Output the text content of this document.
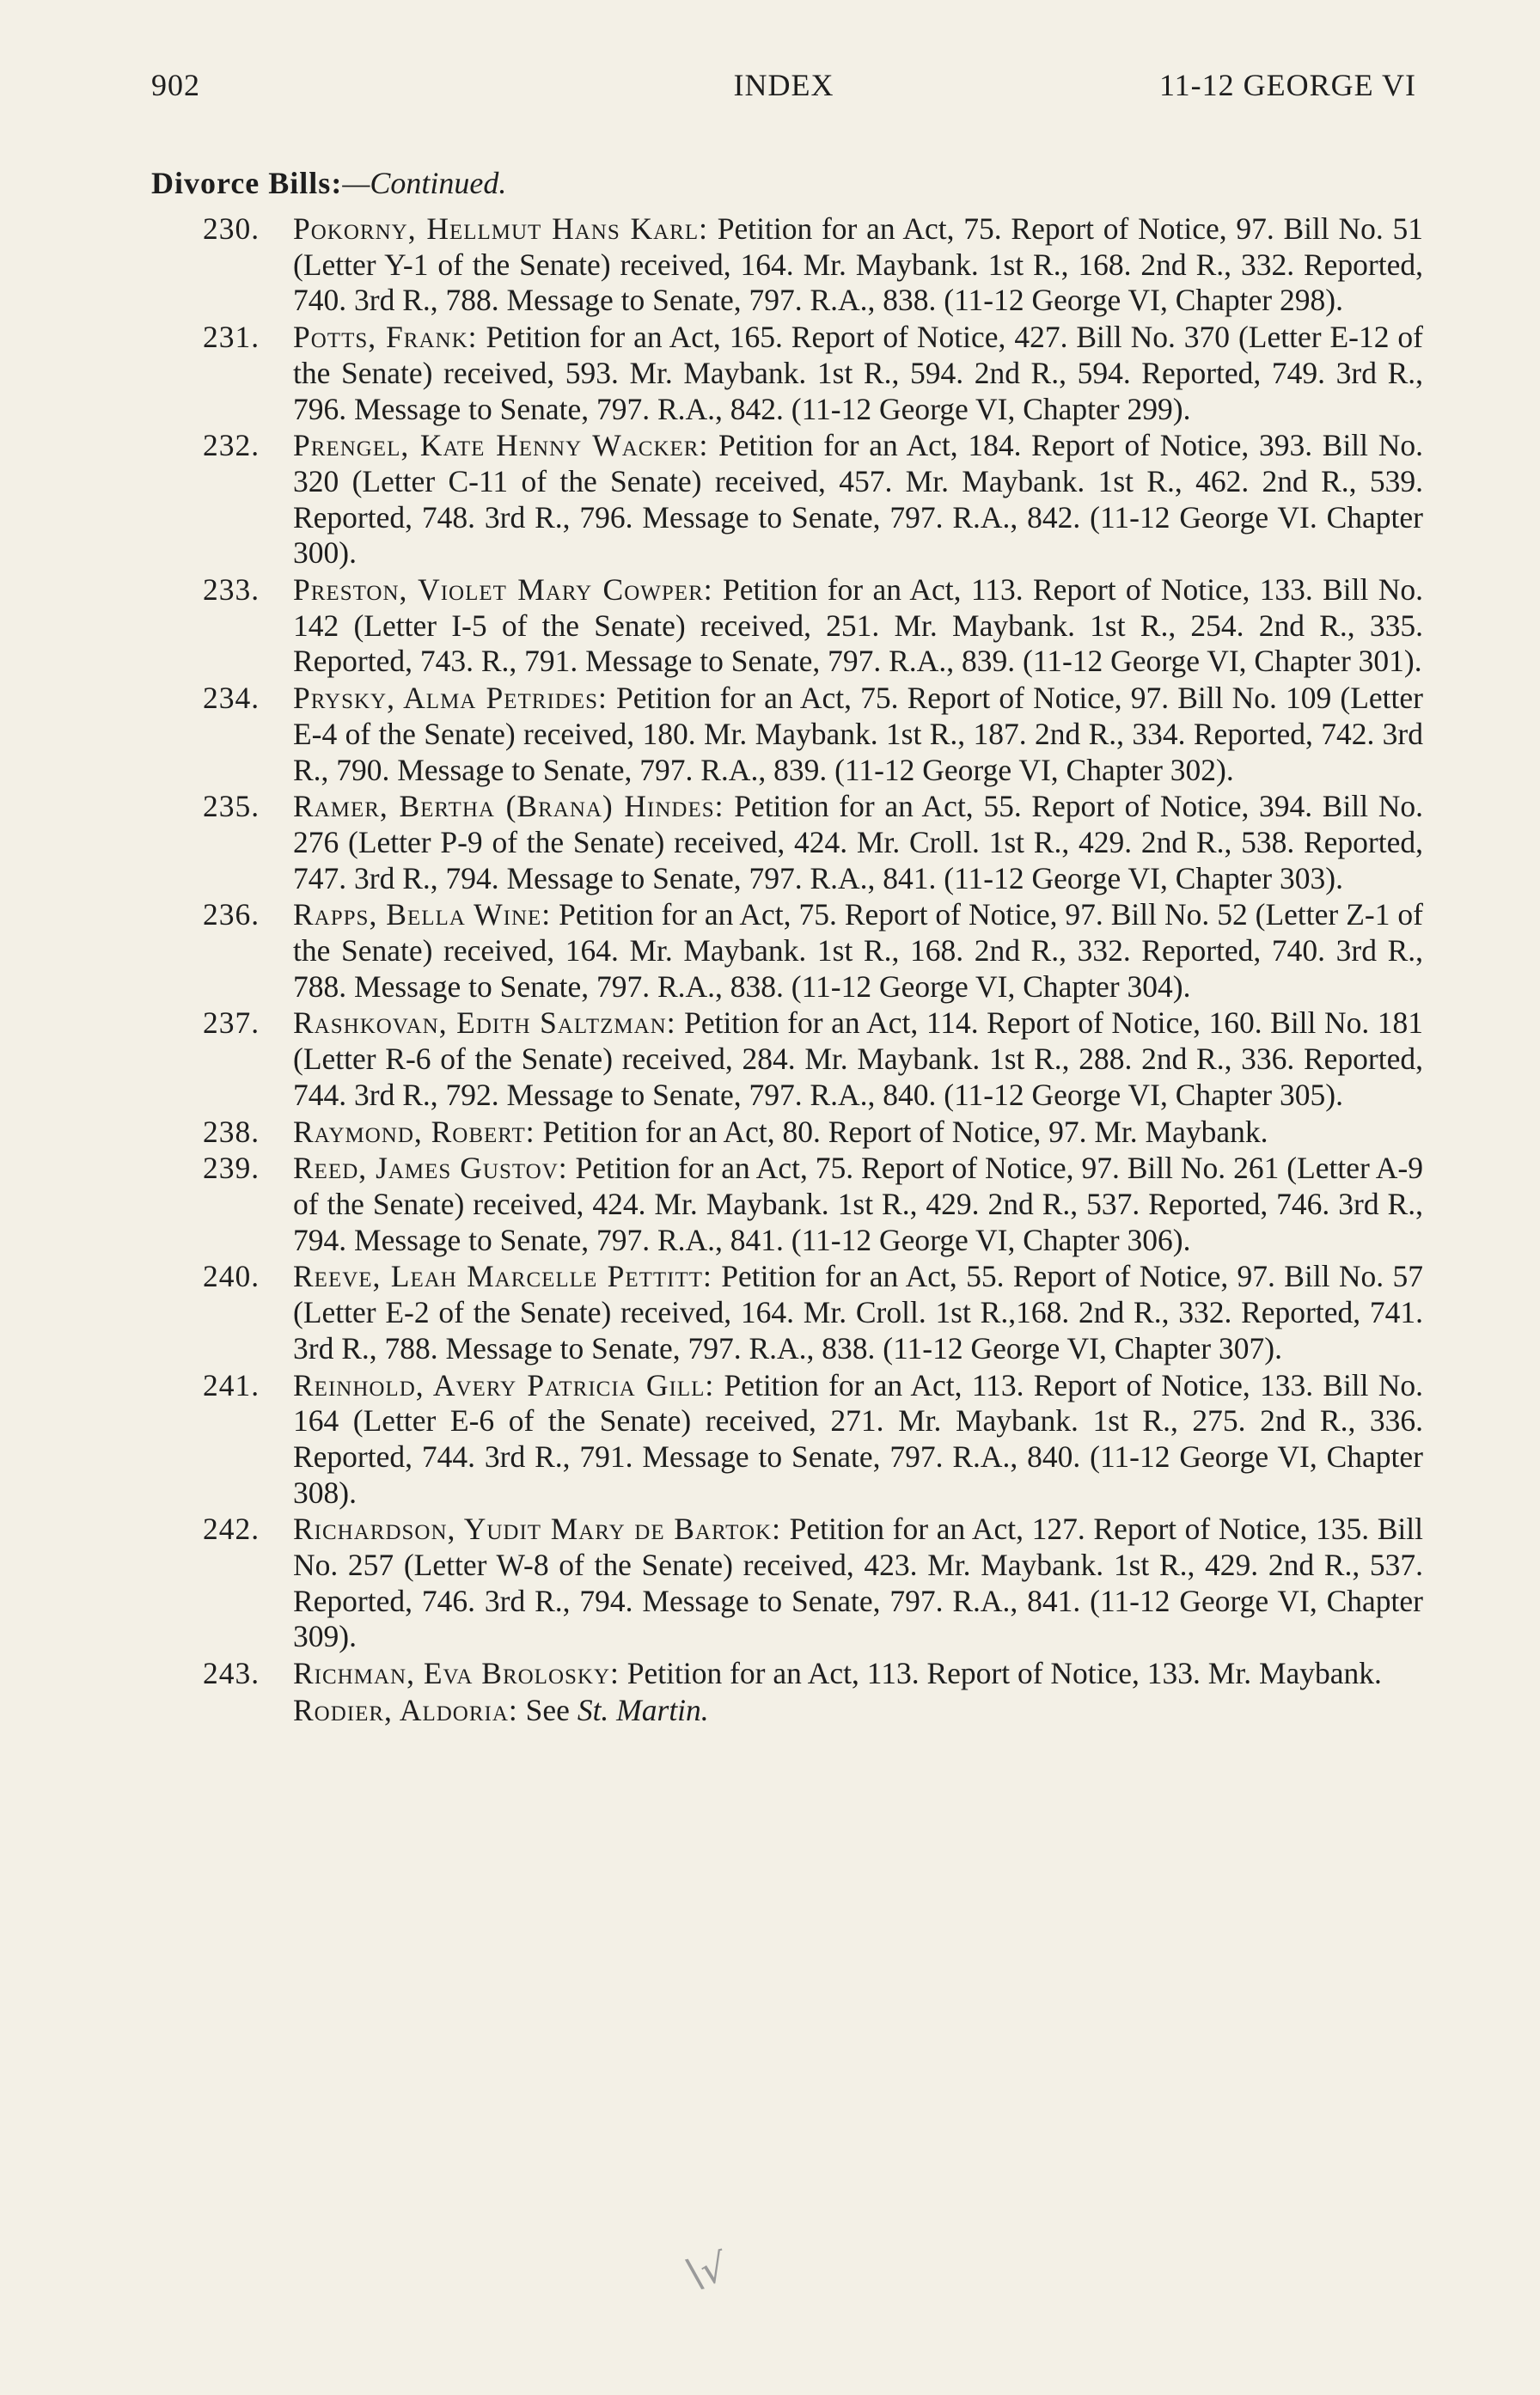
902	INDEX	11-12 GEORGE VI
Divorce Bills:—Continued.
230. Pokorny, Hellmut Hans Karl: Petition for an Act, 75. Report of Notice, 97. Bill No. 51 (Letter Y-1 of the Senate) received, 164. Mr. Maybank. 1st R., 168. 2nd R., 332. Reported, 740. 3rd R., 788. Message to Senate, 797. R.A., 838. (11-12 George VI, Chapter 298).
231. Potts, Frank: Petition for an Act, 165. Report of Notice, 427. Bill No. 370 (Letter E-12 of the Senate) received, 593. Mr. Maybank. 1st R., 594. 2nd R., 594. Reported, 749. 3rd R., 796. Message to Senate, 797. R.A., 842. (11-12 George VI, Chapter 299).
232. Prengel, Kate Henny Wacker: Petition for an Act, 184. Report of Notice, 393. Bill No. 320 (Letter C-11 of the Senate) received, 457. Mr. Maybank. 1st R., 462. 2nd R., 539. Reported, 748. 3rd R., 796. Message to Senate, 797. R.A., 842. (11-12 George VI. Chapter 300).
233. Preston, Violet Mary Cowper: Petition for an Act, 113. Report of Notice, 133. Bill No. 142 (Letter I-5 of the Senate) received, 251. Mr. Maybank. 1st R., 254. 2nd R., 335. Reported, 743. R., 791. Message to Senate, 797. R.A., 839. (11-12 George VI, Chapter 301).
234. Prysky, Alma Petrides: Petition for an Act, 75. Report of Notice, 97. Bill No. 109 (Letter E-4 of the Senate) received, 180. Mr. Maybank. 1st R., 187. 2nd R., 334. Reported, 742. 3rd R., 790. Message to Senate, 797. R.A., 839. (11-12 George VI, Chapter 302).
235. Ramer, Bertha (Brana) Hindes: Petition for an Act, 55. Report of Notice, 394. Bill No. 276 (Letter P-9 of the Senate) received, 424. Mr. Croll. 1st R., 429. 2nd R., 538. Reported, 747. 3rd R., 794. Message to Senate, 797. R.A., 841. (11-12 George VI, Chapter 303).
236. Rapps, Bella Wine: Petition for an Act, 75. Report of Notice, 97. Bill No. 52 (Letter Z-1 of the Senate) received, 164. Mr. Maybank. 1st R., 168. 2nd R., 332. Reported, 740. 3rd R., 788. Message to Senate, 797. R.A., 838. (11-12 George VI, Chapter 304).
237. Rashkovan, Edith Saltzman: Petition for an Act, 114. Report of Notice, 160. Bill No. 181 (Letter R-6 of the Senate) received, 284. Mr. Maybank. 1st R., 288. 2nd R., 336. Reported, 744. 3rd R., 792. Message to Senate, 797. R.A., 840. (11-12 George VI, Chapter 305).
238. Raymond, Robert: Petition for an Act, 80. Report of Notice, 97. Mr. Maybank.
239. Reed, James Gustov: Petition for an Act, 75. Report of Notice, 97. Bill No. 261 (Letter A-9 of the Senate) received, 424. Mr. Maybank. 1st R., 429. 2nd R., 537. Reported, 746. 3rd R., 794. Message to Senate, 797. R.A., 841. (11-12 George VI, Chapter 306).
240. Reeve, Leah Marcelle Pettitt: Petition for an Act, 55. Report of Notice, 97. Bill No. 57 (Letter E-2 of the Senate) received, 164. Mr. Croll. 1st R.,168. 2nd R., 332. Reported, 741. 3rd R., 788. Message to Senate, 797. R.A., 838. (11-12 George VI, Chapter 307).
241. Reinhold, Avery Patricia Gill: Petition for an Act, 113. Report of Notice, 133. Bill No. 164 (Letter E-6 of the Senate) received, 271. Mr. Maybank. 1st R., 275. 2nd R., 336. Reported, 744. 3rd R., 791. Message to Senate, 797. R.A., 840. (11-12 George VI, Chapter 308).
242. Richardson, Yudit Mary de Bartok: Petition for an Act, 127. Report of Notice, 135. Bill No. 257 (Letter W-8 of the Senate) received, 423. Mr. Maybank. 1st R., 429. 2nd R., 537. Reported, 746. 3rd R., 794. Message to Senate, 797. R.A., 841. (11-12 George VI, Chapter 309).
243. Richman, Eva Brolosky: Petition for an Act, 113. Report of Notice, 133. Mr. Maybank.
Rodier, Aldoria: See St. Martin.
\√
